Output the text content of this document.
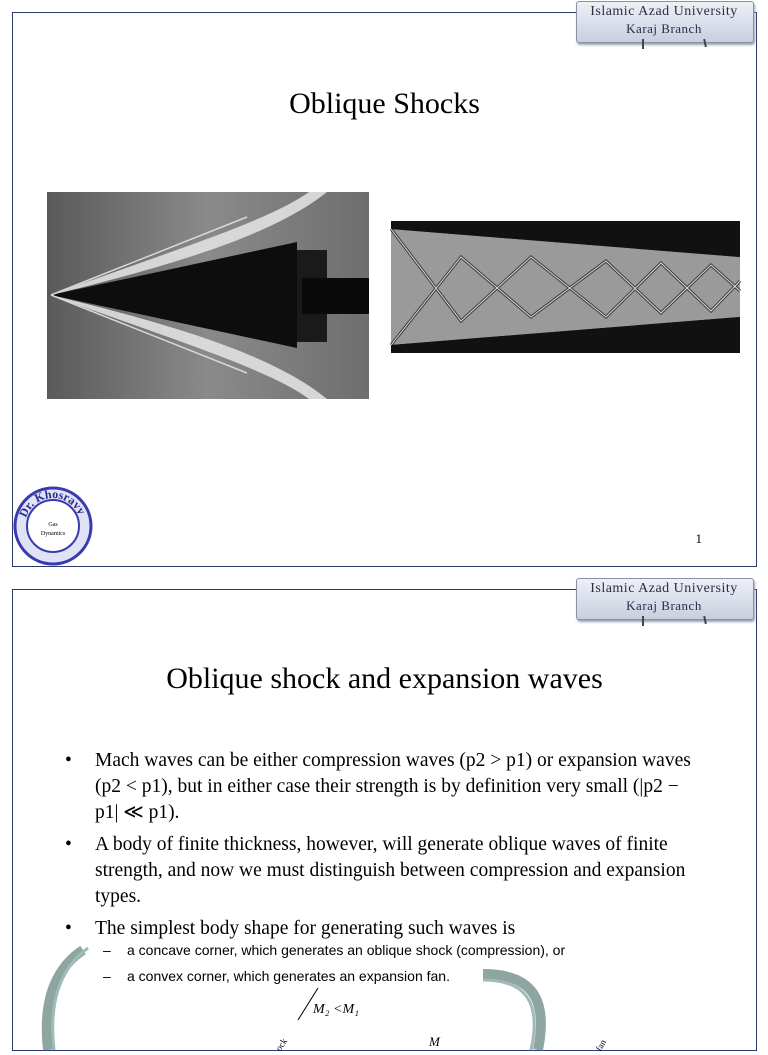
Islamic Azad University
Karaj Branch
Oblique Shocks
Dr. Khosravy
Gas
Dynamics	1
Islamic Azad University
Karaj Branch
Oblique shock and expansion waves
• Mach waves can be either compression waves (p2 > p1) or expansion waves (p2 < p1), but in either case their strength is by definition very small (|p2 − p1| ≪ p1).
• A body of finite thickness, however, will generate oblique waves of finite strength, and now we must distinguish between compression and expansion types.
• The simplest body shape for generating such waves is
– a concave corner, which generates an oblique shock (compression), or
– a convex corner, which generates an expansion fan.
M₂ <M₁
M
ock	fan
